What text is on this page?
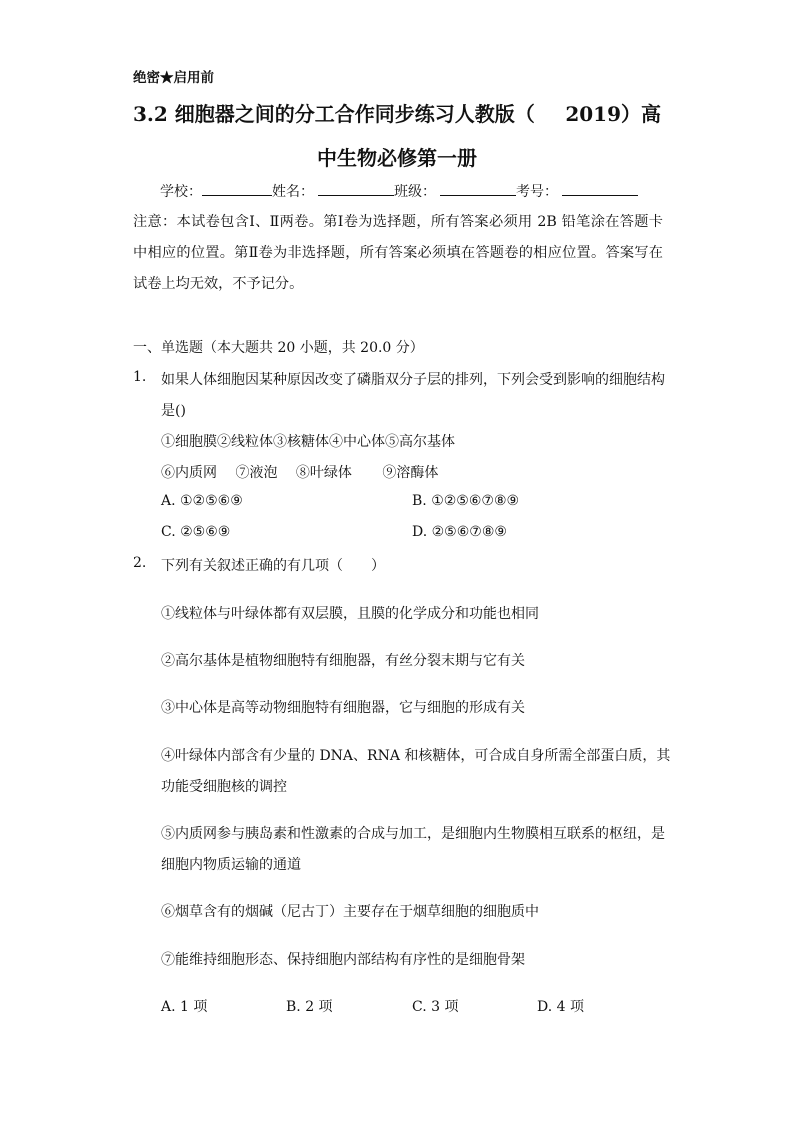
绝密★启用前
3.2 细胞器之间的分工合作同步练习人教版（ 2019）高
中生物必修第一册
学校：	姓名：	班级：	考号：
注意：本试卷包含Ⅰ、Ⅱ两卷。第Ⅰ卷为选择题，所有答案必须用 2B 铅笔涂在答题卡中相应的位置。第Ⅱ卷为非选择题，所有答案必须填在答题卷的相应位置。答案写在试卷上均无效，不予记分。
一、单选题（本大题共 20 小题，共 20.0 分）
1. 如果人体细胞因某种原因改变了磷脂双分子层的排列，下列会受到影响的细胞结构
是()
①细胞膜②线粒体③核糖体④中心体⑤高尔基体
⑥内质网 ⑦液泡 ⑧叶绿体 ⑨溶酶体
A. ①②⑤⑥⑨	B. ①②⑤⑥⑦⑧⑨
C. ②⑤⑥⑨	D. ②⑤⑥⑦⑧⑨
2. 下列有关叙述正确的有几项（　　）
①线粒体与叶绿体都有双层膜，且膜的化学成分和功能也相同
②高尔基体是植物细胞特有细胞器，有丝分裂末期与它有关
③中心体是高等动物细胞特有细胞器，它与细胞的形成有关
④叶绿体内部含有少量的 DNA、RNA 和核糖体，可合成自身所需全部蛋白质，其
功能受细胞核的调控
⑤内质网参与胰岛素和性激素的合成与加工，是细胞内生物膜相互联系的枢纽，是
细胞内物质运输的通道
⑥烟草含有的烟碱（尼古丁）主要存在于烟草细胞的细胞质中
⑦能维持细胞形态、保持细胞内部结构有序性的是细胞骨架
A. 1 项	B. 2 项	C. 3 项	D. 4 项
